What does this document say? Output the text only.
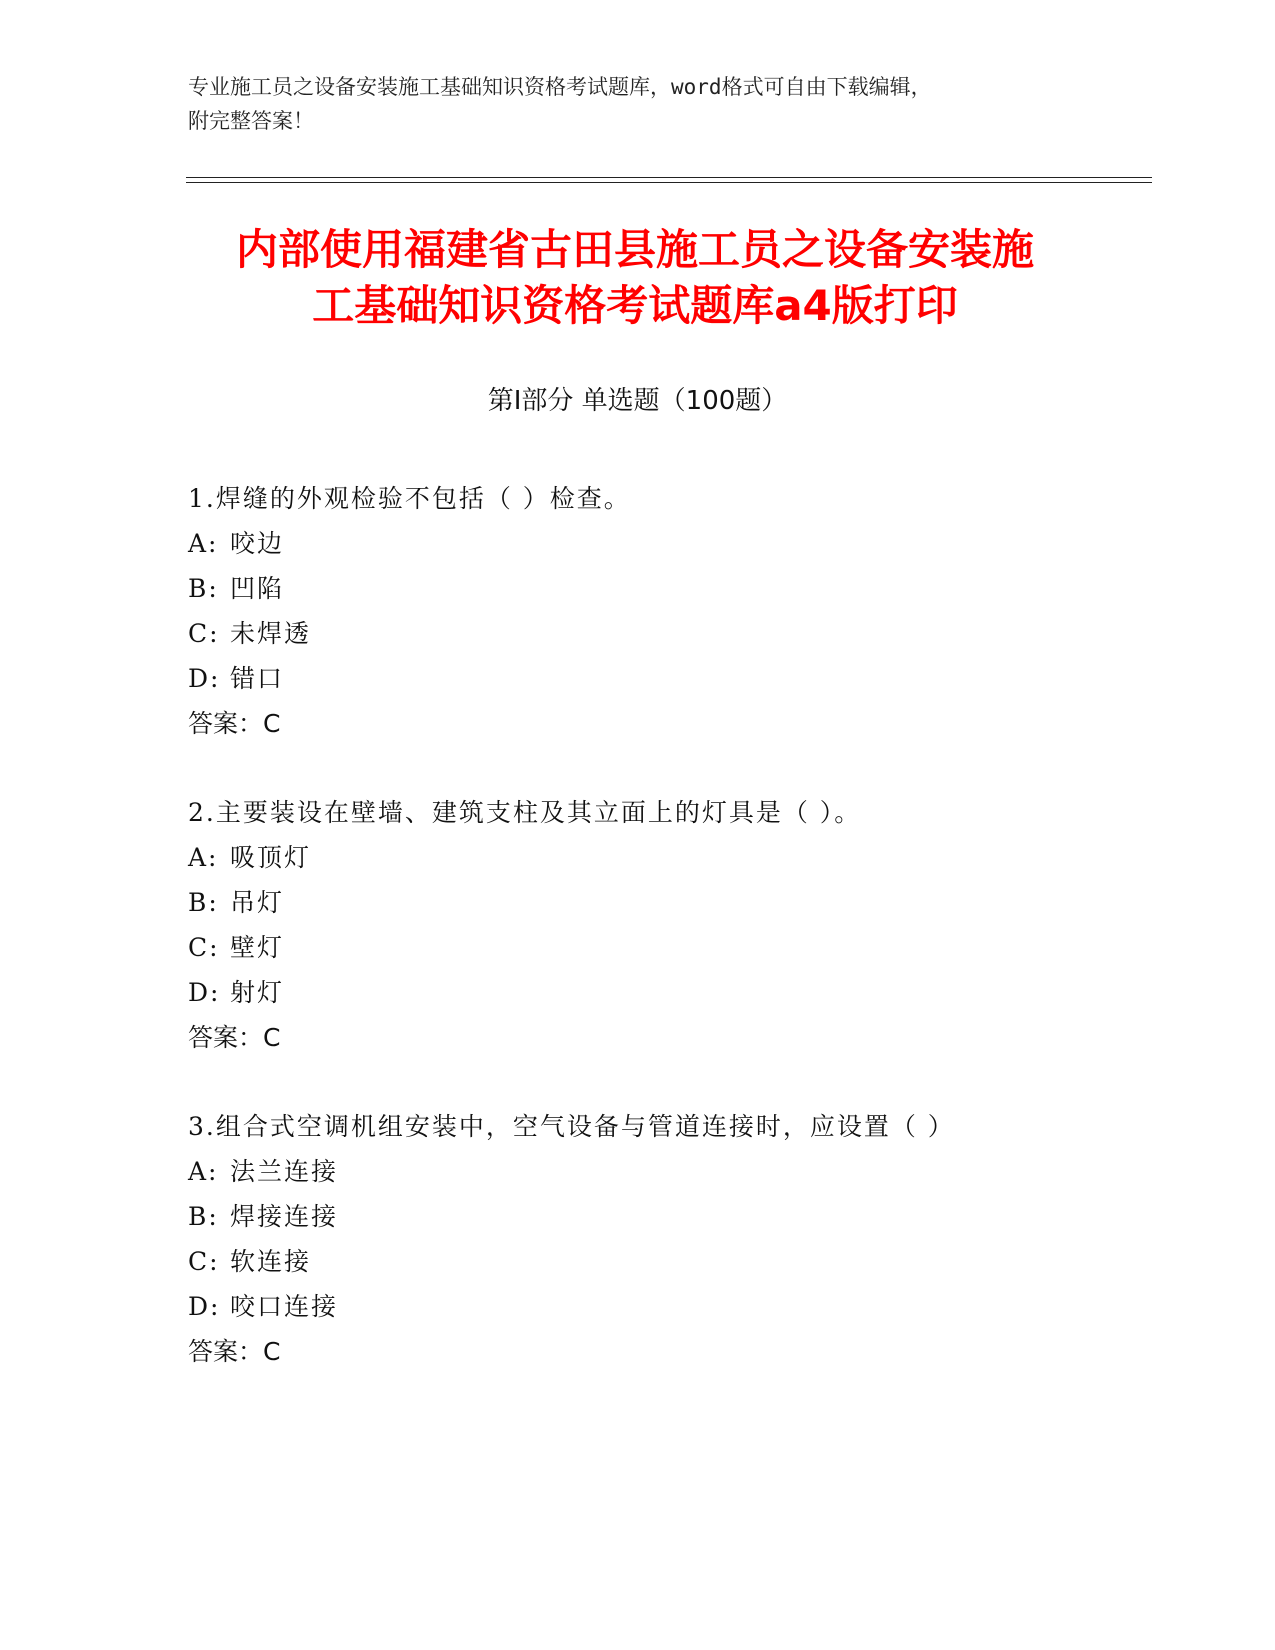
专业施工员之设备安装施工基础知识资格考试题库，word格式可自由下载编辑，
附完整答案！
内部使用福建省古田县施工员之设备安装施
工基础知识资格考试题库a4版打印
第Ⅰ部分 单选题（100题）
1.焊缝的外观检验不包括（ ）检查。
A: 咬边
B: 凹陷
C: 未焊透
D: 错口
答案：C
2.主要装设在壁墙、建筑支柱及其立面上的灯具是（ ）。
A: 吸顶灯
B: 吊灯
C: 壁灯
D: 射灯
答案：C
3.组合式空调机组安装中，空气设备与管道连接时，应设置（ ）
A: 法兰连接
B: 焊接连接
C: 软连接
D: 咬口连接
答案：C
